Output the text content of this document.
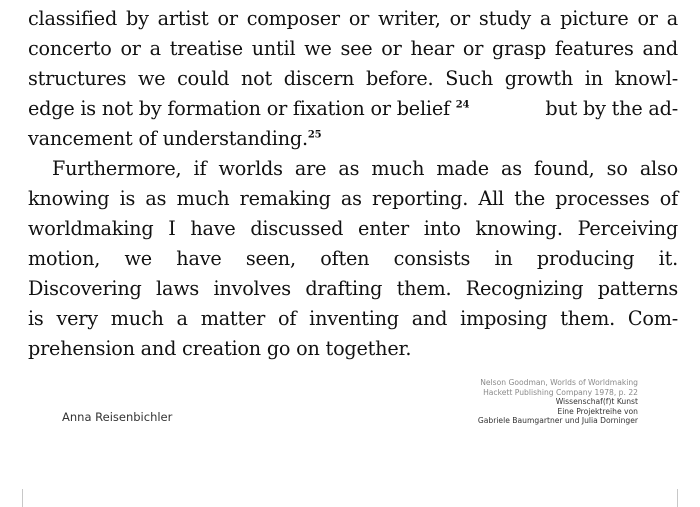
classified by artist or composer or writer, or study a picture or a
concerto or a treatise until we see or hear or grasp features and
structures we could not discern before. Such growth in knowl-
edge is not by formation or fixation or belief $^{24}$	but by the ad-
vancement of understanding.$^{25}$
Furthermore, if worlds are as much made as found, so also
knowing is as much remaking as reporting. All the processes of
worldmaking I have discussed enter into knowing. Perceiving
motion, we have seen, often consists in producing it.
Discovering laws involves drafting them. Recognizing patterns
is very much a matter of inventing and imposing them. Com-
prehension and creation go on together.
Anna Reisenbichler
Nelson Goodman, Worlds of Worldmaking
Hackett Publishing Company 1978, p. 22
Wissenschaf(f)t Kunst
Eine Projektreihe von
Gabriele Baumgartner und Julia Dorninger
